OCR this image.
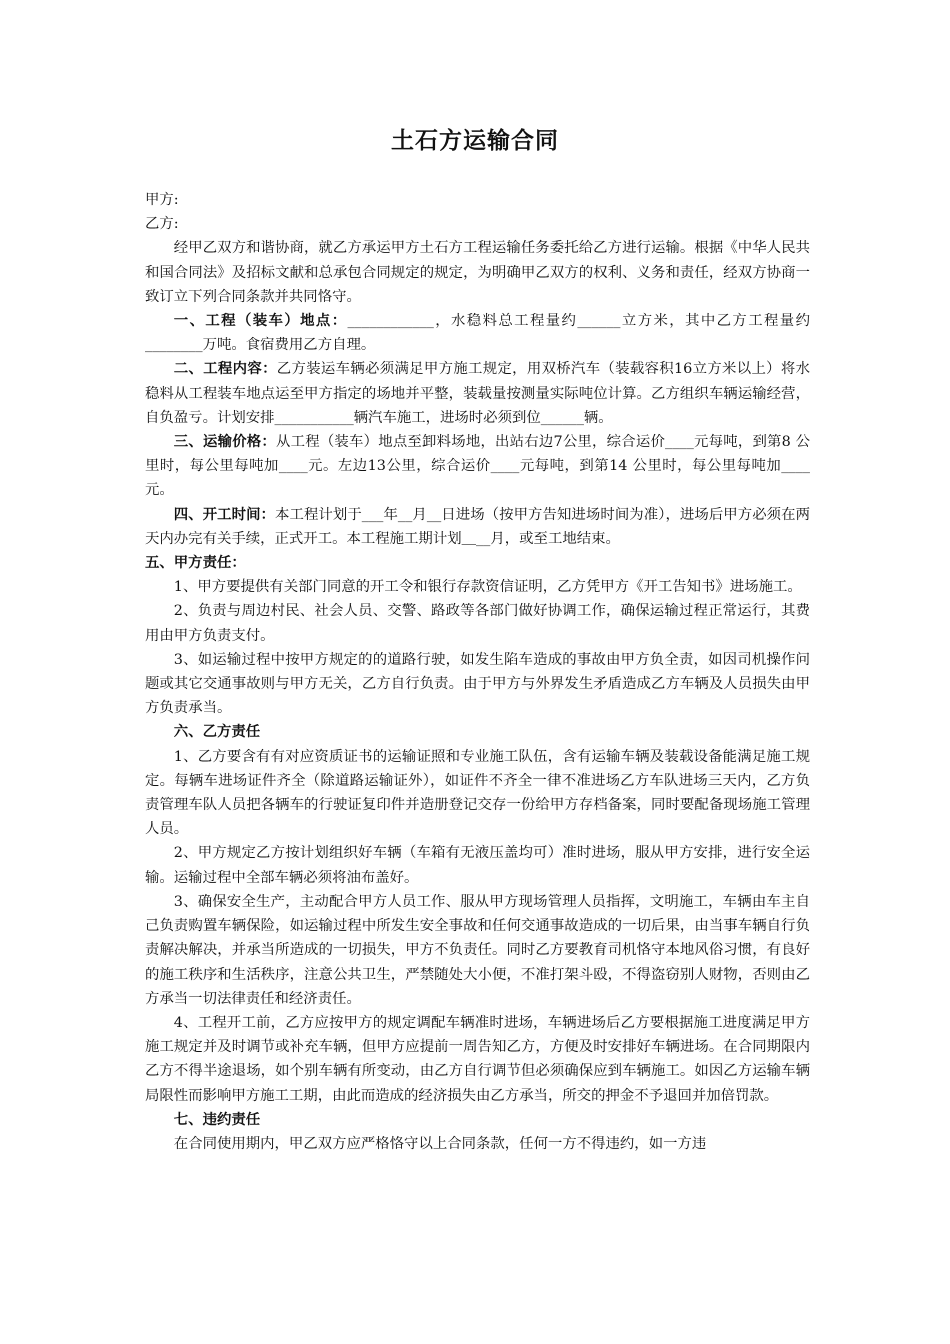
土石方运输合同

甲方:

乙方:

经甲乙双方和谐协商，就乙方承运甲方土石方工程运输任务委托给乙方进行运输。根据《中华人民共和国合同法》及招标文献和总承包合同规定的规定，为明确甲乙双方的权利、义务和责任，经双方协商一致订立下列合同条款并共同恪守。

一、工程（装车）地点：____________，水稳料总工程量约______立方米，其中乙方工程量约________万吨。食宿费用乙方自理。

二、工程内容：乙方装运车辆必须满足甲方施工规定，用双桥汽车（装载容积16立方米以上）将水稳料从工程装车地点运至甲方指定的场地并平整，装载量按测量实际吨位计算。乙方组织车辆运输经营，自负盈亏。计划安排___________辆汽车施工，进场时必须到位______辆。

三、运输价格：从工程（装车）地点至卸料场地，出站右边7公里，综合运价____元每吨，到第8 公里时，每公里每吨加____元。左边13公里，综合运价____元每吨，到第14 公里时，每公里每吨加____元。

四、开工时间：本工程计划于___年__月__日进场（按甲方告知进场时间为准），进场后甲方必须在两天内办完有关手续，正式开工。本工程施工期计划＿__月，或至工地结束。

五、甲方责任：

1、甲方要提供有关部门同意的开工令和银行存款资信证明，乙方凭甲方《开工告知书》进场施工。

2、负责与周边村民、社会人员、交警、路政等各部门做好协调工作，确保运输过程正常运行，其费用由甲方负责支付。

3、如运输过程中按甲方规定的的道路行驶，如发生陷车造成的事故由甲方负全责，如因司机操作问题或其它交通事故则与甲方无关，乙方自行负责。由于甲方与外界发生矛盾造成乙方车辆及人员损失由甲方负责承当。

六、乙方责任

1、乙方要含有有对应资质证书的运输证照和专业施工队伍，含有运输车辆及装载设备能满足施工规定。每辆车进场证件齐全（除道路运输证外），如证件不齐全一律不准进场乙方车队进场三天内，乙方负责管理车队人员把各辆车的行驶证复印件并造册登记交存一份给甲方存档备案，同时要配备现场施工管理人员。

2、甲方规定乙方按计划组织好车辆（车箱有无液压盖均可）准时进场，服从甲方安排，进行安全运输。运输过程中全部车辆必须将油布盖好。

3、确保安全生产，主动配合甲方人员工作、服从甲方现场管理人员指挥，文明施工，车辆由车主自己负责购置车辆保险，如运输过程中所发生安全事故和任何交通事故造成的一切后果，由当事车辆自行负责解决解决，并承当所造成的一切损失，甲方不负责任。同时乙方要教育司机恪守本地风俗习惯，有良好的施工秩序和生活秩序，注意公共卫生，严禁随处大小便，不准打架斗殴，不得盗窃别人财物，否则由乙方承当一切法律责任和经济责任。

4、工程开工前，乙方应按甲方的规定调配车辆准时进场，车辆进场后乙方要根据施工进度满足甲方施工规定并及时调节或补充车辆，但甲方应提前一周告知乙方，方便及时安排好车辆进场。在合同期限内乙方不得半途退场，如个别车辆有所变动，由乙方自行调节但必须确保应到车辆施工。如因乙方运输车辆局限性而影响甲方施工工期，由此而造成的经济损失由乙方承当，所交的押金不予退回并加倍罚款。

七、违约责任

在合同使用期内，甲乙双方应严格恪守以上合同条款，任何一方不得违约，如一方违
